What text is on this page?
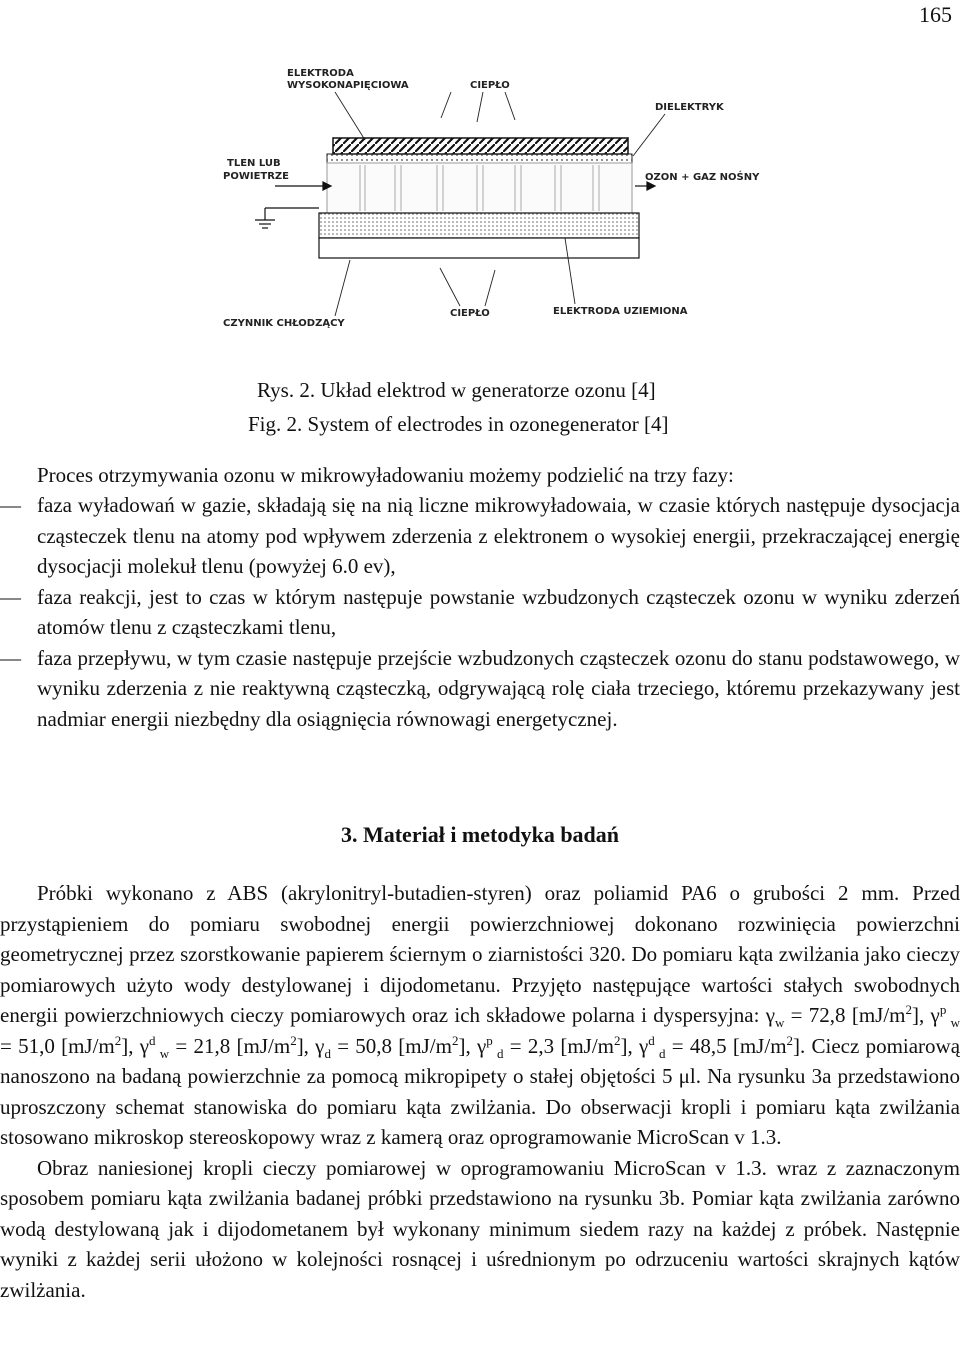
165
ELEKTRODA
WYSOKONAPIĘCIOWA	CIEPŁO
DIELEKTRYK
TLEN LUB
POWIETRZE	OZON + GAZ NOŚNY
CZYNNIK CHŁODZĄCY
CIEPŁO	ELEKTRODA UZIEMIONA
Rys. 2. Układ elektrod w generatorze ozonu [4]
Fig. 2. System of electrodes in ozonegenerator [4]
Proces otrzymywania ozonu w mikrowyładowaniu możemy podzielić na trzy fazy:
— faza wyładowań w gazie, składają się na nią liczne mikrowyładowaia, w czasie których następuje dysocjacja cząsteczek tlenu na atomy pod wpływem zderzenia z elektronem o wysokiej energii, przekraczającej energię dysocjacji molekuł tlenu (powyżej 6.0 ev),
— faza reakcji, jest to czas w którym następuje powstanie wzbudzonych cząsteczek ozonu w wyniku zderzeń atomów tlenu z cząsteczkami tlenu,
— faza przepływu, w tym czasie następuje przejście wzbudzonych cząsteczek ozonu do stanu podstawowego, w wyniku zderzenia z nie reaktywną cząsteczką, odgrywającą rolę ciała trzeciego, któremu przekazywany jest nadmiar energii niezbędny dla osiągnięcia równowagi energetycznej.
3. Materiał i metodyka badań

Próbki wykonano z ABS (akrylonitryl-butadien-styren) oraz poliamid PA6 o grubości 2 mm. Przed przystąpieniem do pomiaru swobodnej energii powierzchniowej dokonano rozwinięcia powierzchni geometrycznej przez szorstkowanie papierem ściernym o ziarnistości 320. Do pomiaru kąta zwilżania jako cieczy pomiarowych użyto wody destylowanej i dijodometanu. Przyjęto następujące wartości stałych swobodnych energii powierzchniowych cieczy pomiarowych oraz ich składowe polarna i dyspersyjna: $\gamma_w = 72,8$ $[mJ/m^2]$, $\gamma^p$ $_w$ = 51,0 $[mJ/m^2]$, $\gamma^d$ $_w$ = 21,8 $[mJ/m^2]$, $\gamma_d = 50,8$ $[mJ/m^2]$, $\gamma^p$ $_d$ = 2,3 $[mJ/m^2]$, $\gamma^d$ $_d$ = 48,5 $[mJ/m^2]$. Ciecz pomiarową nanoszono na badaną powierzchnie za pomocą mikropipety o stałej objętości 5 μl. Na rysunku 3a przedstawiono uproszczony schemat stanowiska do pomiaru kąta zwilżania. Do obserwacji kropli i pomiaru kąta zwilżania stosowano mikroskop stereoskopowy wraz z kamerą oraz oprogramowanie MicroScan v 1.3.

Obraz naniesionej kropli cieczy pomiarowej w oprogramowaniu MicroScan v 1.3. wraz z zaznaczonym sposobem pomiaru kąta zwilżania badanej próbki przedstawiono na rysunku 3b. Pomiar kąta zwilżania zarówno wodą destylowaną jak i dijodometanem był wykonany minimum siedem razy na każdej z próbek. Następnie wyniki z każdej serii ułożono w kolejności rosnącej i uśrednionym po odrzuceniu wartości skrajnych kątów zwilżania.
